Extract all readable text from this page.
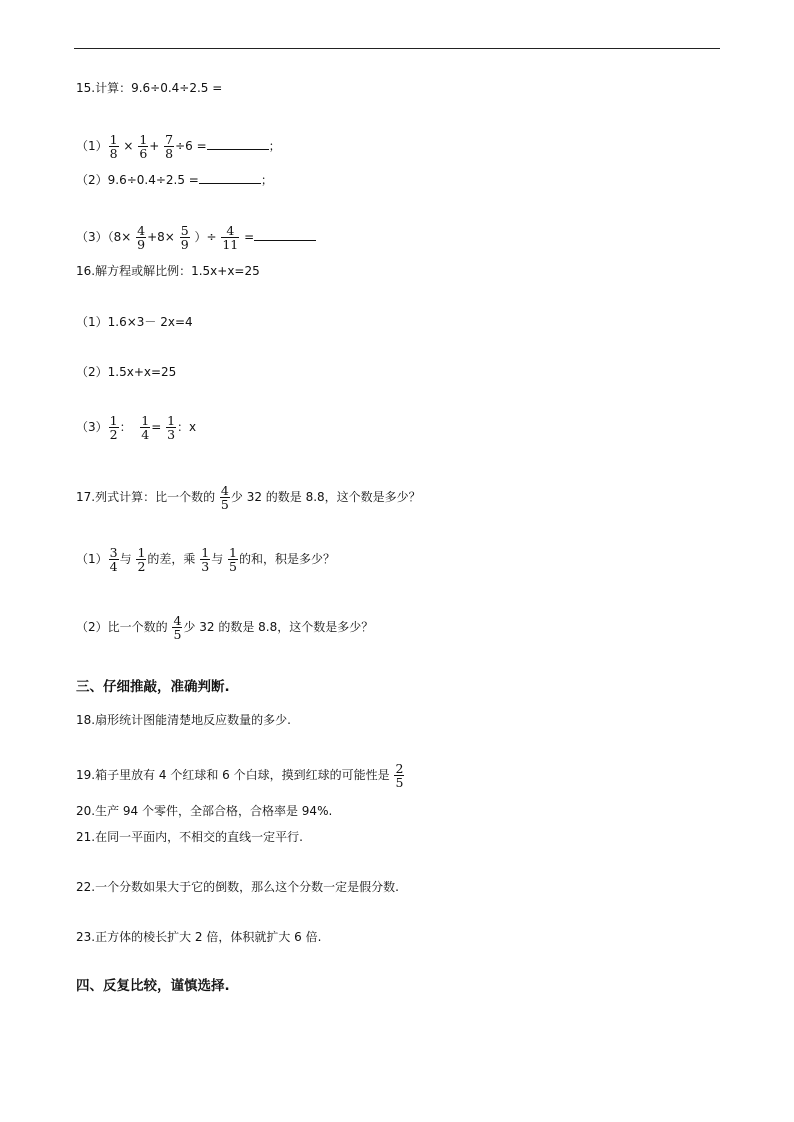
15.计算：9.6÷0.4÷2.5 =
$(1) \frac{1}{8} \times \frac{1}{6} + \frac{7}{8} \div 6$ =	；
（2）9.6÷0.4÷2.5 =	；
$(3)(8\times \frac{4}{9} +8\times \frac{5}{9}$ ）÷ $\frac{4}{11}$ =
16.解方程或解比例：1.5x+x=25
（1）1.6×3－ 2x=4
（2）1.5x+x=25
$(3) \frac{1}{2}$ ： $\frac{1}{4} = \frac{1}{3}$ ：x
17.列式计算：比一个数的 $\frac{4}{5}$ 少 32 的数是 8.8，这个数是多少？
$(1) \frac{3}{4}$ 与 $\frac{1}{2}$ 的差，乘 $\frac{1}{3}$ 与 $\frac{1}{5}$ 的和，积是多少？
（2）比一个数的 $\frac{4}{5}$ 少 32 的数是 8.8，这个数是多少？
三、仔细推敲，准确判断.
18.扇形统计图能清楚地反应数量的多少.
19.箱子里放有 4 个红球和 6 个白球，摸到红球的可能性是 $\frac{2}{5}$
20.生产 94 个零件，全部合格，合格率是 94%.
21.在同一平面内，不相交的直线一定平行.
22.一个分数如果大于它的倒数，那么这个分数一定是假分数.
23.正方体的棱长扩大 2 倍，体积就扩大 6 倍.
四、反复比较，谨慎选择.
